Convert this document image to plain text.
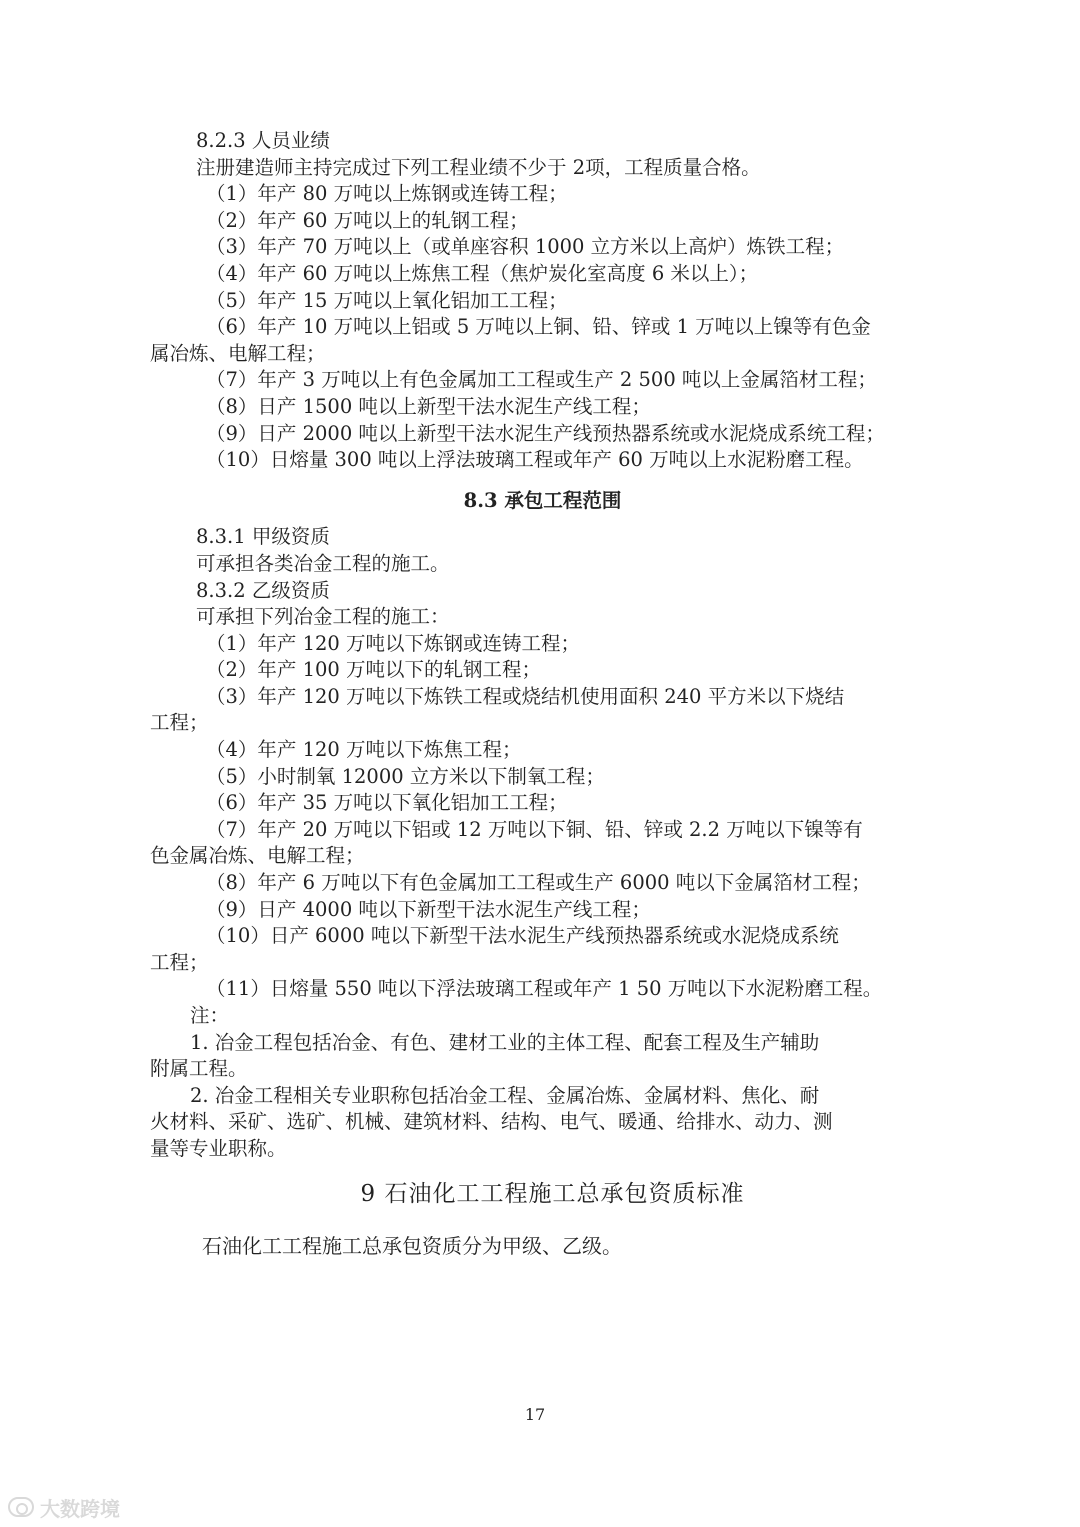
8.2.3 人员业绩
注册建造师主持完成过下列工程业绩不少于 2项，工程质量合格。
（1）年产 80 万吨以上炼钢或连铸工程；
（2）年产 60 万吨以上的轧钢工程；
（3）年产 70 万吨以上（或单座容积 1000 立方米以上高炉）炼铁工程；
（4）年产 60 万吨以上炼焦工程（焦炉炭化室高度 6 米以上）；
（5）年产 15 万吨以上氧化铝加工工程；
（6）年产 10 万吨以上铝或 5 万吨以上铜、铅、锌或 1 万吨以上镍等有色金
属冶炼、电解工程；
（7）年产 3 万吨以上有色金属加工工程或生产 2 500 吨以上金属箔材工程；
（8）日产 1500 吨以上新型干法水泥生产线工程；
（9）日产 2000 吨以上新型干法水泥生产线预热器系统或水泥烧成系统工程；
（10）日熔量 300 吨以上浮法玻璃工程或年产 60 万吨以上水泥粉磨工程。
8.3 承包工程范围
8.3.1 甲级资质
可承担各类冶金工程的施工。
8.3.2 乙级资质
可承担下列冶金工程的施工：
（1）年产 120 万吨以下炼钢或连铸工程；
（2）年产 100 万吨以下的轧钢工程；
（3）年产 120 万吨以下炼铁工程或烧结机使用面积 240 平方米以下烧结
工程；
（4）年产 120 万吨以下炼焦工程；
（5）小时制氧 12000 立方米以下制氧工程；
（6）年产 35 万吨以下氧化铝加工工程；
（7）年产 20 万吨以下铝或 12 万吨以下铜、铅、锌或 2.2 万吨以下镍等有
色金属冶炼、电解工程；
（8）年产 6 万吨以下有色金属加工工程或生产 6000 吨以下金属箔材工程；
（9）日产 4000 吨以下新型干法水泥生产线工程；
（10）日产 6000 吨以下新型干法水泥生产线预热器系统或水泥烧成系统
工程；
（11）日熔量 550 吨以下浮法玻璃工程或年产 1 50 万吨以下水泥粉磨工程。
注：
1. 冶金工程包括冶金、有色、建材工业的主体工程、配套工程及生产辅助
附属工程。
2. 冶金工程相关专业职称包括冶金工程、金属冶炼、金属材料、焦化、耐
火材料、采矿、选矿、机械、建筑材料、结构、电气、暖通、给排水、动力、测
量等专业职称。
9 石油化工工程施工总承包资质标准
石油化工工程施工总承包资质分为甲级、乙级。
17
大数跨境
